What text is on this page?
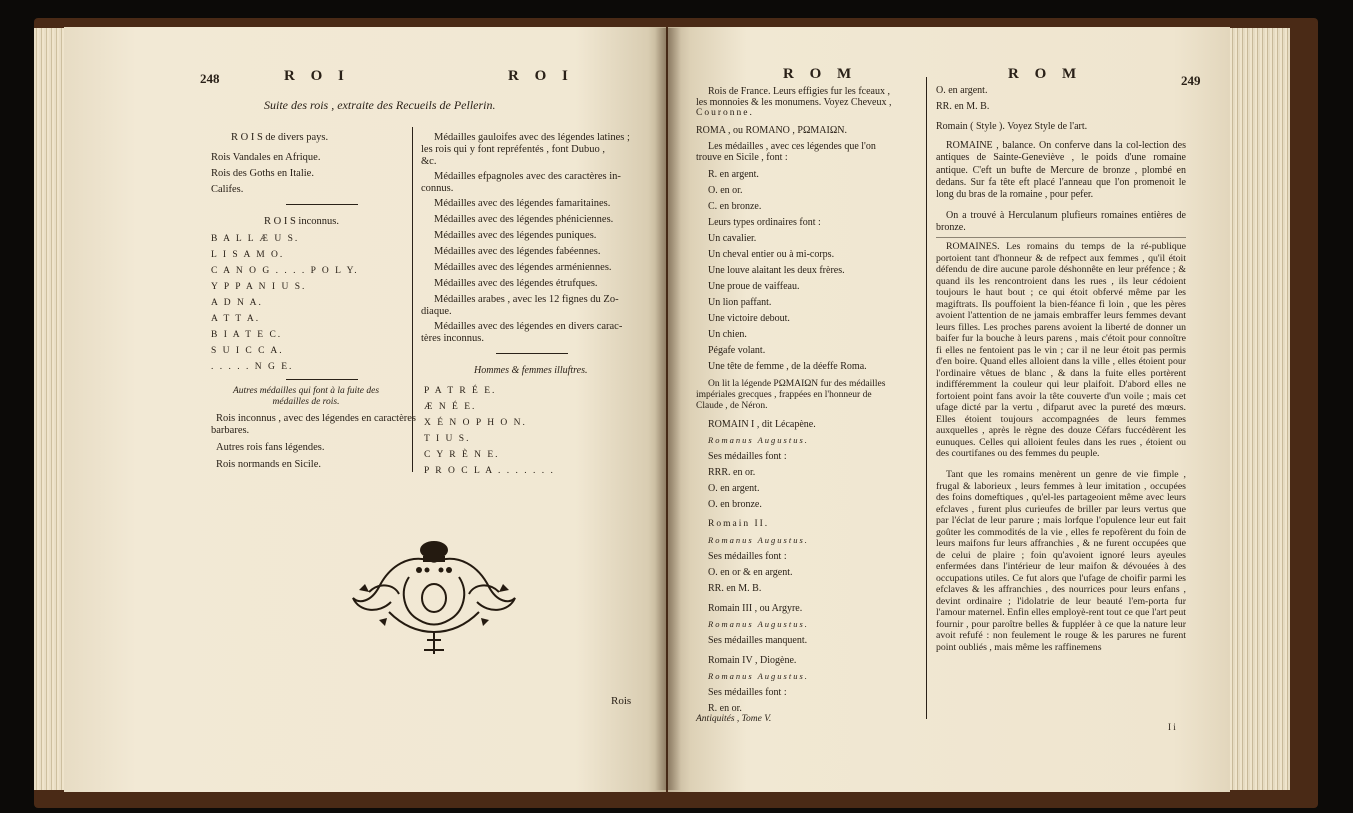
248	R O I	R O I
Suite des rois , extraite des Recueils de Pellerin.
R O I S de divers pays.
Rois Vandales en Afrique.
Rois des Goths en Italie.
Califes.
R O I S inconnus.
B A L L Æ U S.
L I S A M O.
C A N O G . . . . P O L Y.
Y P P A N I U S.
A D N A.
A T T A.
B I A T E C.
S U I C C A.
. . . . . N G E.
Autres médailles qui font à la fuite des médailles de rois.
Rois inconnus , avec des légendes en caractères
barbares.
Autres rois fans légendes.
Rois normands en Sicile.
Médailles gauloifes avec des légendes latines ;
les rois qui y font repréfentés , font Dubuo ,
&c.
Médailles efpagnoles avec des caractères in-
connus.
Médailles avec des légendes famaritaines.
Médailles avec des légendes phéniciennes.
Médailles avec des légendes puniques.
Médailles avec des légendes fabéennes.
Médailles avec des légendes arméniennes.
Médailles avec des légendes étrufques.
Médailles arabes , avec les 12 fignes du Zo-
diaque.
Médailles avec des légendes en divers carac-
tères inconnus.
Hommes & femmes illuftres.
P A T R É E.
Æ N É E.
X É N O P H O N.
T I U S.
C Y R È N E.
P R O C L A . . . . . . .
Rois
R O M	R O M	249
Rois de France. Leurs effigies fur les fceaux ,
les monnoies & les monumens. Voyez Cheveux ,
Couronne.
ROMA , ou ROMANO , ΡΩΜΑΙΩΝ.
Les médailles , avec ces légendes que l'on
trouve en Sicile , font :
R. en argent.
O. en or.
C. en bronze.
Leurs types ordinaires font :
Un cavalier.
Un cheval entier ou à mi-corps.
Une louve alaitant les deux frères.
Une proue de vaiffeau.
Un lion paffant.
Une victoire debout.
Un chien.
Pégafe volant.
Une tête de femme , de la déeffe Roma.
On lit la légende ΡΩΜΑΙΩΝ fur des médailles
impériales grecques , frappées en l'honneur de
Claude , de Néron.
ROMAIN I , dit Lécapène.
Romanus Augustus.
Ses médailles font :
RRR. en or.
O. en argent.
O. en bronze.
Romain II.
Romanus Augustus.
Ses médailles font :
O. en or & en argent.
RR. en M. B.
Romain III , ou Argyre.
Romanus Augustus.
Ses médailles manquent.
Romain IV , Diogène.
Romanus Augustus.
Ses médailles font :
R. en or.
Antiquités , Tome V.
O. en argent.
RR. en M. B.
Romain ( Style ). Voyez Style de l'art.
ROMAINE , balance. On conferve dans la col-lection des antiques de Sainte-Geneviève , le poids d'une romaine antique. C'eft un bufte de Mercure de bronze , plombé en dedans. Sur fa tête eft placé l'anneau que l'on promenoit le long du bras de la romaine , pour pefer.
On a trouvé à Herculanum plufieurs romaines entières de bronze.
ROMAINES. Les romains du temps de la ré-publique portoient tant d'honneur & de refpect aux femmes , qu'il étoit défendu de dire aucune parole déshonnête en leur préfence ; & quand ils les rencontroient dans les rues , ils leur cédoient toujours le haut bout ; ce qui étoit obfervé même par les magiftrats. Ils pouffoient la bien-féance fi loin , que les pères avoient l'attention de ne jamais embraffer leurs femmes devant leurs filles. Les proches parens avoient la liberté de donner un baifer fur la bouche à leurs parens , mais c'étoit pour connoître fi elles ne fentoient pas le vin ; car il ne leur étoit pas permis d'en boire. Quand elles alloient dans la ville , elles étoient pour l'ordinaire vêtues de blanc , & dans la fuite elles portèrent indifféremment la couleur qui leur plaifoit. D'abord elles ne fortoient point fans avoir la tête couverte d'un voile ; mais cet ufage dicté par la vertu , difparut avec la pureté des mœurs. Elles étoient toujours accompagnées de leurs femmes auxquelles , après le règne des douze Céfars fuccédèrent les eunuques. Celles qui alloient feules dans les rues , étoient ou des courtifanes ou des femmes du peuple.
Tant que les romains menèrent un genre de vie fimple , frugal & laborieux , leurs femmes à leur imitation , occupées des foins domeftiques , qu'el-les partageoient même avec leurs efclaves , furent plus curieufes de briller par leurs vertus que par l'éclat de leur parure ; mais lorfque l'opulence leur eut fait goûter les commodités de la vie , elles fe repofèrent du foin de leurs maifons fur leurs affranchies , & ne furent occupées que de celui de plaire ; foin qu'avoient ignoré leurs ayeules enfermées dans l'intérieur de leur maifon & dévouées à des occupations utiles. Ce fut alors que l'ufage de choifir parmi les efclaves & les affranchies , des nourrices pour leurs enfans , devint ordinaire ; l'idolatrie de leur beauté l'em-porta fur l'amour maternel. Enfin elles employè-rent tout ce que l'art peut fournir , pour paroître belles & fuppléer à ce que la nature leur avoit refufé : non feulement le rouge & les parures ne furent point oubliés , mais même les raffinemens
I i
